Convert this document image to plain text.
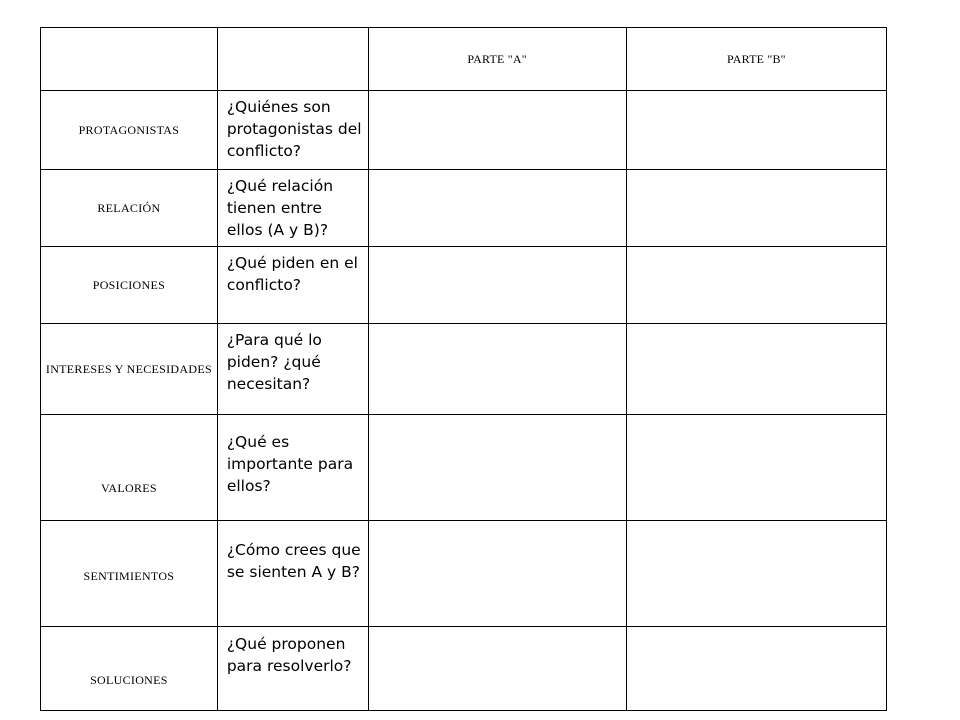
		PARTE "A"	PARTE "B"
PROTAGONISTAS	¿Quiénes son protagonistas del conflicto?		

RELACIÓN	¿Qué relación tienen entre ellos (A y B)?		

POSICIONES	¿Qué piden en el conflicto?		

INTERESES Y NECESIDADES	¿Para qué lo piden? ¿qué necesitan?		

VALORES	¿Qué es importante para ellos?		

SENTIMIENTOS	¿Cómo crees que se sienten A y B?		

SOLUCIONES	¿Qué proponen para resolverlo?		
